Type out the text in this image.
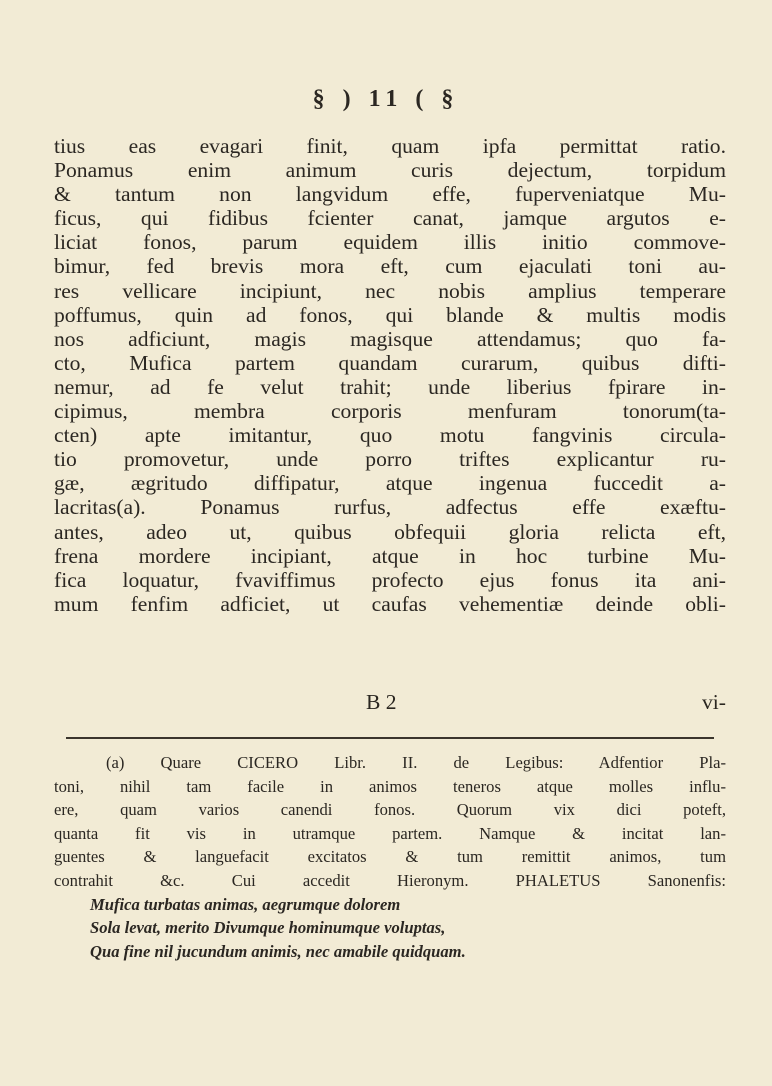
§ ) 11 ( §
tius eas evagari finit, quam ipfa permittat ratio.
Ponamus enim animum curis dejectum, torpidum
& tantum non langvidum effe, fuperveniatque Mu-
ficus, qui fidibus fcienter canat, jamque argutos e-
liciat fonos, parum equidem illis initio commove-
bimur, fed brevis mora eft, cum ejaculati toni au-
res vellicare incipiunt, nec nobis amplius temperare
poffumus, quin ad fonos, qui blande & multis modis
nos adficiunt, magis magisque attendamus; quo fa-
cto, Mufica partem quandam curarum, quibus difti-
nemur, ad fe velut trahit; unde liberius fpirare in-
cipimus, membra corporis menfuram tonorum(ta-
cten) apte imitantur, quo motu fangvinis circula-
tio promovetur, unde porro triftes explicantur ru-
gæ, ægritudo diffipatur, atque ingenua fuccedit a-
lacritas(a). Ponamus rurfus, adfectus effe exæftu-
antes, adeo ut, quibus obfequii gloria relicta eft,
frena mordere incipiant, atque in hoc turbine Mu-
fica loquatur, fvaviffimus profecto ejus fonus ita ani-
mum fenfim adficiet, ut caufas vehementiæ deinde obli-
B 2	vi-
(a) Quare CICERO Libr. II. de Legibus: Adfentior Pla-
toni, nihil tam facile in animos teneros atque molles influ-
ere, quam varios canendi fonos. Quorum vix dici poteft,
quanta fit vis in utramque partem. Namque & incitat lan-
guentes & languefacit excitatos & tum remittit animos, tum
contrahit &c. Cui accedit Hieronym. PHALETUS Sanonenfis:
Mufica turbatas animas, aegrumque dolorem
Sola levat, merito Divumque hominumque voluptas,
Qua fine nil jucundum animis, nec amabile quidquam.
